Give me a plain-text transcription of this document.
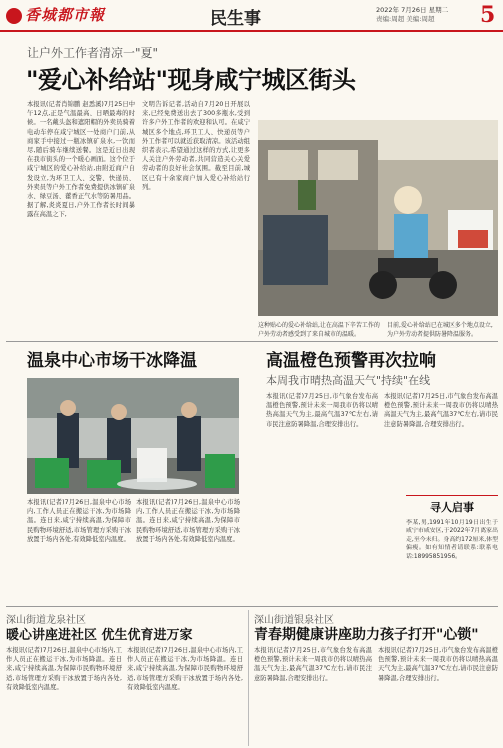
香城都市報	民生事	2022年 7月26日 星期二
责编:周超 美编:周超	5
让户外工作者清凉一"夏"
"爱心补给站"现身咸宁城区街头
本报讯(记者肖锦鹏 赵悉溪)7月25日中午12点,正是气温最高、日晒最毒的时候。一名戴头盔和遮阳帽的外卖员骑着电动车停在咸宁城区一处商户门前,从商家手中接过一瓶冰镇矿泉水,一饮而尽,随后骑车继续送餐。这是近日出现在我市街头的一个暖心画面。这个位于咸宁城区的爱心补给站,由附近商户自发设立,为环卫工人、交警、快递员、外卖员等户外工作者免费提供冰镇矿泉水、绿豆汤、藿香正气水等防暑用品。据了解,炎炎夏日,户外工作者长时间暴露在高温之下,
文明告诉记者,活动自7月20日开展以来,已经免费送出去了300多瓶水,受到许多户外工作者的欢迎和认可。在咸宁城区多个地点,环卫工人、快递员等户外工作者可以就近获取清凉。该活动组织者表示,希望通过这样的方式,让更多人关注户外劳动者,共同营造关心关爱劳动者的良好社会氛围。截至目前,城区已有十余家商户加入爱心补给站行列。
这种贴心的爱心补给站,让在高温下辛苦工作的户外劳动者感受到了来自城市的温暖。
目前,爱心补给站已在城区多个地点设立,为户外劳动者提供防暑降温服务。
温泉中心市场干冰降温
本报讯(记者)7月26日,温泉中心市场内,工作人员正在搬运干冰,为市场降温。连日来,咸宁持续高温,为保障市民购物环境舒适,市场管理方采购干冰放置于场内各处,有效降低室内温度。
本报讯(记者)7月26日,温泉中心市场内,工作人员正在搬运干冰,为市场降温。连日来,咸宁持续高温,为保障市民购物环境舒适,市场管理方采购干冰放置于场内各处,有效降低室内温度。
高温橙色预警再次拉响
本周我市晴热高温天气"持续"在线
本报讯(记者)7月25日,市气象台发布高温橙色预警,预计未来一周我市仍将以晴热高温天气为主,最高气温37℃左右,请市民注意防暑降温,合理安排出行。
本报讯(记者)7月25日,市气象台发布高温橙色预警,预计未来一周我市仍将以晴热高温天气为主,最高气温37℃左右,请市民注意防暑降温,合理安排出行。
寻人启事
李某,男,1991年10月19日出生于咸宁市咸安区,于2022年7月离家出走,至今未归。身高约172厘米,体型偏瘦。如有知情者请联系:联系电话:18995851956。
深山街道龙泉社区
暖心讲座进社区 优生优育进万家
本报讯(记者)7月26日,温泉中心市场内,工作人员正在搬运干冰,为市场降温。连日来,咸宁持续高温,为保障市民购物环境舒适,市场管理方采购干冰放置于场内各处,有效降低室内温度。
本报讯(记者)7月26日,温泉中心市场内,工作人员正在搬运干冰,为市场降温。连日来,咸宁持续高温,为保障市民购物环境舒适,市场管理方采购干冰放置于场内各处,有效降低室内温度。
深山街道银泉社区
青春期健康讲座助力孩子打开"心锁"
本报讯(记者)7月25日,市气象台发布高温橙色预警,预计未来一周我市仍将以晴热高温天气为主,最高气温37℃左右,请市民注意防暑降温,合理安排出行。
本报讯(记者)7月25日,市气象台发布高温橙色预警,预计未来一周我市仍将以晴热高温天气为主,最高气温37℃左右,请市民注意防暑降温,合理安排出行。
